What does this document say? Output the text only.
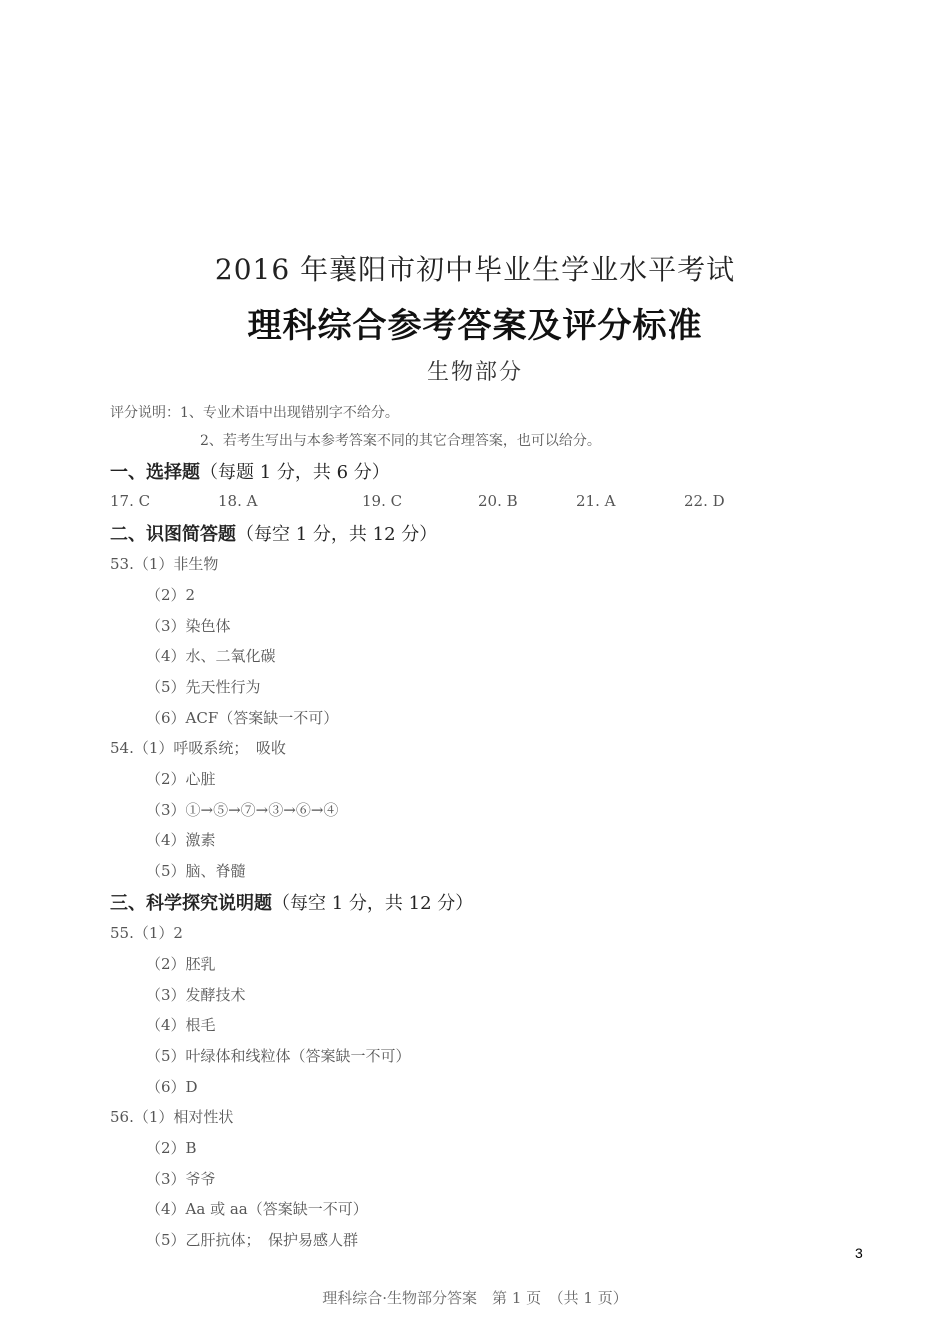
2016 年襄阳市初中毕业生学业水平考试
理科综合参考答案及评分标准
生物部分
评分说明：1、专业术语中出现错别字不给分。
2、若考生写出与本参考答案不同的其它合理答案，也可以给分。
一、选择题（每题 1 分，共 6 分）
17. C	18. A	19. C	20. B	21. A	22. D
二、识图简答题（每空 1 分，共 12 分）
53.（1）非生物
（2）2
（3）染色体
（4）水、二氧化碳
（5）先天性行为
（6）ACF（答案缺一不可）
54.（1）呼吸系统；　吸收
（2）心脏
（3）①→⑤→⑦→③→⑥→④
（4）激素
（5）脑、脊髓
三、科学探究说明题（每空 1 分，共 12 分）
55.（1）2
（2）胚乳
（3）发酵技术
（4）根毛
（5）叶绿体和线粒体（答案缺一不可）
（6）D
56.（1）相对性状
（2）B
（3）爷爷
（4）Aa 或 aa（答案缺一不可）
（5）乙肝抗体；　保护易感人群
3
理科综合·生物部分答案　第 1 页　（共 1 页）
